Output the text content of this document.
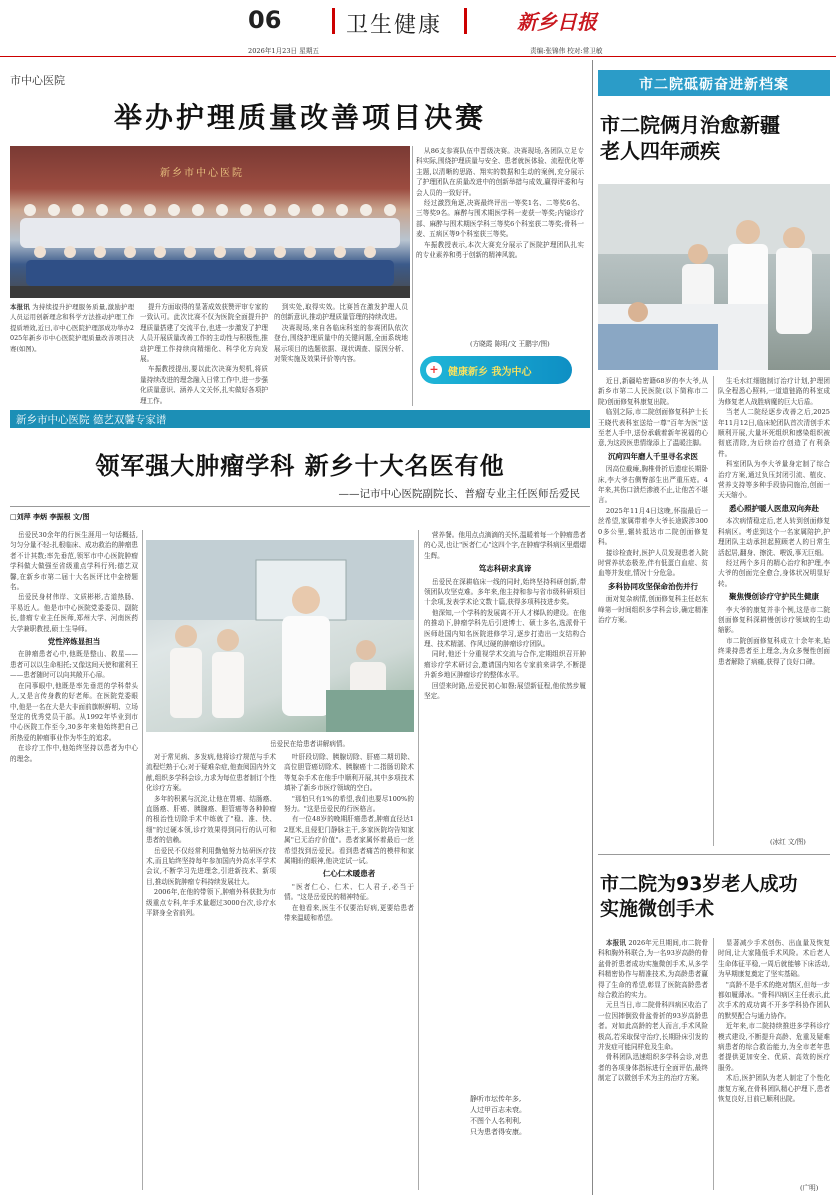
06	卫生健康	新乡日报
2026年1月23日 星期五	责编:张锦伟 校对:常卫敏
市中心医院
举办护理质量改善项目决赛
新乡市中心医院
本报讯 为持续提升护理服务质量,激励护理人员运用创新理念和科学方法推动护理工作提质增效,近日,市中心医院护理部成功举办2025年新乡市中心医院护理质量改善项目决赛(如图)。

提升方面取得的显著成效获赞评审专家的一致认可。此次比赛不仅为医院全面提升护理质量搭建了交流平台,也进一步激发了护理人员开展质量改善工作的主动性与积极性,推动护理工作持续向精细化、科学化方向发展。

车振教授提出,要以此次决赛为契机,将质量持续改进的理念融入日常工作中,进一步强化质量意识、涵养人文关怀,扎实做好各项护理工作。

到实处,取得实效。比赛旨在激发护理人员的创新意识,推动护理质量管理的持续改进。

决赛现场,来自各临床科室的参赛团队依次登台,围绕护理质量中的关键问题,全面系统地展示项目的选题依据、现状调查、原因分析、对策实施及效果评价等内容。

从86支参赛队伍中晋级决赛。决赛现场,各团队立足专科实际,围绕护理质量与安全、患者就医体验、流程优化等主题,以清晰的思路、翔实的数据和生动的案例,充分展示了护理团队在质量改进中的创新举措与成效,赢得评委和与会人员的一致好评。

经过激烈角逐,决赛最终评出一等奖1名、二等奖6名、三等奖9名。麻醉与围术期医学科一麦获一等奖;内镜诊疗部、麻醉与围术期医学科三等奖6个科室获二等奖;骨科一麦、五病区等9个科室获三等奖。

车振教授表示,本次大赛充分展示了医院护理团队扎实的专业素养和勇于创新的精神风貌。

(方晓霞 陈明/文 王鹏宇/图)
+ 健康新乡 我为中心
新乡市中心医院 德艺双馨专家谱
领军强大肿瘤学科 新乡十大名医有他
——记市中心医院副院长、普瘤专业主任医师岳爱民
□刘萍 李炳 李振根 文/图
岳爱民在给患者讲解病情。

岳爱民30余年的行医生涯用一句话概括,匀匀分量不轻:扎根临床、成功救治的肿瘤患者不计其数;率先垂范,领军市中心医院肿瘤学科做大做强至省级重点学科行列;德艺双馨,在新乡市第二届十大名医评比中金榜题名。

岳爱民身材伟岸、文质彬彬,古道热肠、平易近人。他是市中心医院党委委员、副院长,普瘤专业主任医师,郑州大学、河南医药大学兼职教授,硕士生导师。

党性淬炼显担当

在肿瘤患者心中,他既是整山、救星——患者可以以生命相托;又像这间天使和霍利王——患者随时可以向其敞开心扉。

在同事眼中,他既是率先垂范的学科带头人,又是言传身教的好老师。在医院党委眼中,他是一名在大是大非面前旗帜鲜明、立场坚定的优秀党员干部。从1992年毕业到市中心医院工作至今,30多年来他始终把自己所热爱的肿瘤事业作为毕生的追求。

在诊疗工作中,他始终坚持以患者为中心的理念。	对于常见病、多发病,他将诊疗规范与手术流程烂熟于心;对于疑难杂症,他查阅国内外文献,组织多学科会诊,力求为每位患者制订个性化诊疗方案。

多年的积累与沉淀,让他在胃癌、结肠癌、直肠癌、肝癌、胰腺癌、胆管癌等各种肿瘤的根治性切除手术中练就了"稳、准、快、细"的过硬本领,诊疗效果得到同行的认可和患者的信赖。

岳爱民不仅经常利用勤勉努力钻研医疗技术,而且始终坚持每年参加国内外高水平学术会议,不断学习先进理念,引进新技术、新项目,推动医院肿瘤专科持续发展壮大。

2006年,在他的带领下,肿瘤外科获批为市级重点专科,年手术量超过3000台次,诊疗水平跻身全省前列。

叶肝段切除、胰腺切除、肝癌二期切除、高位胆管癌切除术、胰腺癌十二指肠切除术等复杂手术在他手中顺利开展,其中多项技术填补了新乡市医疗领域的空白。

"那怕只有1%的希望,我们也要尽100%的努力。"这是岳爱民的行医格言。

有一位48岁的晚期肝癌患者,肿瘤直径达12厘米,且侵犯门静脉主干,多家医院均告知家属"已无治疗价值"。患者家属怀着最后一丝希望找到岳爱民。看到患者痛苦的模样和家属期盼的眼神,他决定试一试。

仁心仁术暖患者

"医者仁心、仁术、仁人君子,必当于情。"这是岳爱民的精神特征。

在他看来,医生不仅要治好病,更要给患者带来温暖和希望。

营养餐。他用点点滴滴的关怀,温暖着每一个肿瘤患者的心灵,也让"医者仁心"这四个字,在肿瘤学科病区里熠熠生辉。

笃志科研求真谛

岳爱民在深耕临床一线的同时,始终坚持科研创新,带领团队攻坚克难。多年来,他主持和参与省市级科研项目十余项,发表学术论文数十篇,获得多项科技进步奖。

他深知,一个学科的发展离不开人才梯队的建设。在他的推动下,肿瘤学科先后引进博士、硕士多名,选派骨干医师赴国内知名医院进修学习,逐步打造出一支结构合理、技术精湛、作风过硬的肿瘤诊疗团队。

同时,他还十分重视学术交流与合作,定期组织召开肿瘤诊疗学术研讨会,邀请国内知名专家前来讲学,不断提升新乡地区肿瘤诊疗的整体水平。

回望来时路,岳爱民初心如磐;展望新征程,他依然步履坚定。

静听市坛传年多,
人过甲百志未衰。
不图个人名利利,
只为患者得安康。
市二院砥砺奋进新档案
市二院俩月治愈新疆老人四年顽疾

近日,新疆哈密籍68岁的李大爷,从新乡市第二人民医院(以下简称市二院)创面修复科康复出院。

临别之际,市二院创面修复科护士长王晓代表科室送给一尊"百年为医"送至老人手中,送份承载着新年祝福的心意,为这段医患情缘添上了温暖注脚。

沉疴四年磨人千里寻名求医

因高位截瘫,胸椎骨折后遗症长期卧床,李大爷右侧臀部生出严重压疮。4年来,其伤口溃烂渗液不止,让他苦不堪言。

2025年11月4日这晚,怀揣最后一丝希望,家属带着李大爷长途跋涉3000多公里,辗转抵达市二院创面修复科。

接诊检查时,医护人员发现患者入院时营养状态极差,伴有低蛋白血症、贫血等并发症,情况十分危急。

多科协同攻坚保命治伤并行

面对复杂病情,创面修复科主任赵东峰第一时间组织多学科会诊,确定精准治疗方案。

生毛水红细胞制订治疗计划,护理团队全程悉心照料,一道道链路的科室成为修复老人战胜病魔的巨大后盾。

当老人二院经逐步改善之后,2025年11月12日,临床轮团队首次清创手术顺利开展,大量坏死组织和感染组织被彻底清除,为后续治疗创造了有利条件。

科室团队为李大爷量身定制了综合治疗方案,通过负压封闭引流、植皮、营养支持等多种手段协同施治,创面一天天缩小。

悉心照护暖人医患双向奔赴

本次病情稳定后,老人转到创面修复科病区。考虑到这个一名家属陪护,护理团队主动承担起照顾老人的日常生活起居,翻身、擦洗、喂饭,事无巨细。

经过两个多月的精心治疗和护理,李大爷的创面完全愈合,身体状况明显好转。

聚焦慢创诊疗守护民生健康

李大爷的康复并非个例,这是市二院创面修复科深耕慢创诊疗领域的生动缩影。

市二院创面修复科成立十余年来,始终秉持患者至上理念,为众多慢性创面患者解除了病痛,获得了良好口碑。

(冰红 文/图)
市二院为93岁老人成功实施微创手术

本报讯 2026年元旦期间,市二院骨科和胸外科联合,为一名93岁高龄的骨盆骨折患者成功实施微创手术,从多学科精密协作与精准技术,为高龄患者赢得了生命的希望,彰显了医院高龄患者综合救治的实力。

元旦当日,市二院骨科四病区收治了一位因摔倒致骨盆骨折的93岁高龄患者。对如此高龄的老人而言,手术风险极高,若采取保守治疗,长期卧床引发的并发症可能同样危及生命。

骨科团队迅速组织多学科会诊,对患者的各项身体指标进行全面评估,最终制定了以微创手术为主的治疗方案。

显著减少手术创伤、出血量及恢复时间,让大家隆低手术风险。术后老人生命体征平稳,一周后就能够下床活动,为早期康复奠定了坚实基础。

"高龄不是手术的绝对禁区,但每一步都如履薄冰。"骨科四病区主任表示,此次手术的成功离不开多学科协作团队的默契配合与通力协作。

近年来,市二院持续推进多学科诊疗模式建设,不断提升高龄、危重及疑难病患者的综合救治能力,为全市老年患者提供更加安全、优质、高效的医疗服务。

术后,医护团队为老人制定了个性化康复方案,在骨科团队精心护理下,患者恢复良好,目前已顺利出院。

(广明)
